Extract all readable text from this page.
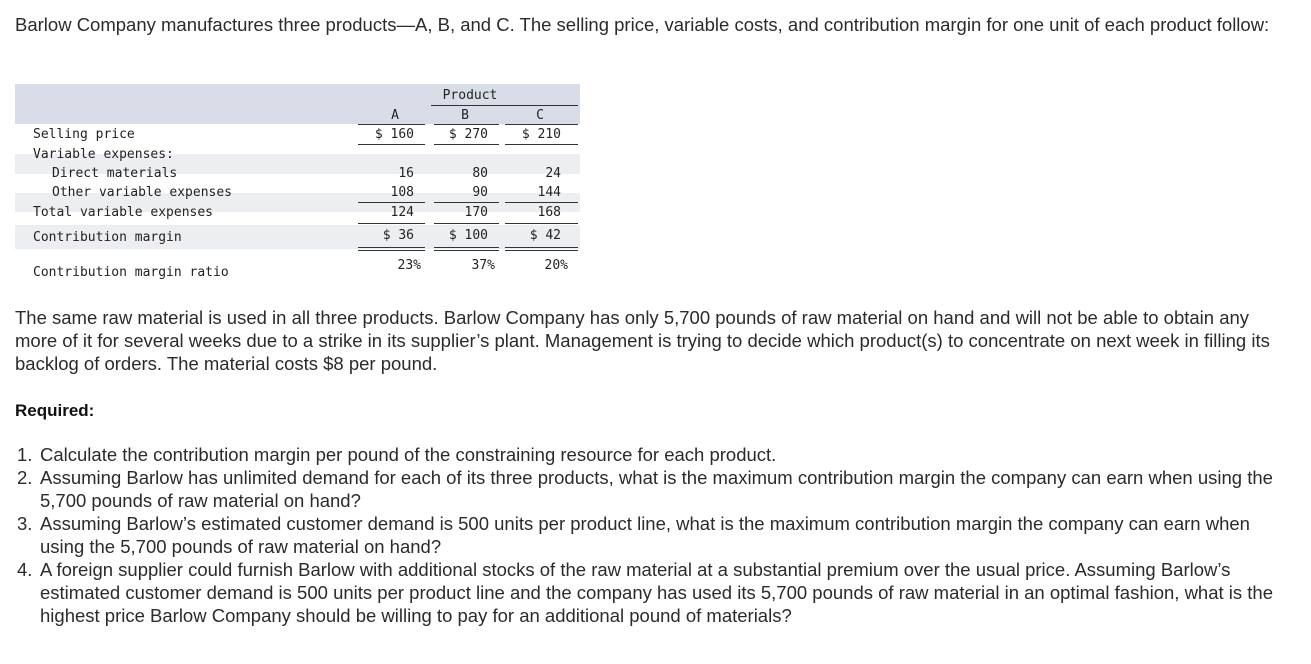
Barlow Company manufactures three products—A, B, and C. The selling price, variable costs, and contribution margin for one unit of each product follow:
Product
A	B	C
Selling price	$ 160	$ 270	$ 210
Variable expenses:
Direct materials	16	80	24
Other variable expenses	108	90	144
Total variable expenses	124	170	168
Contribution margin	$ 36	$ 100	$ 42
Contribution margin ratio	23%	37%	20%
The same raw material is used in all three products. Barlow Company has only 5,700 pounds of raw material on hand and will not be able to obtain any more of it for several weeks due to a strike in its supplier’s plant. Management is trying to decide which product(s) to concentrate on next week in filling its backlog of orders. The material costs $8 per pound.
Required:
1. Calculate the contribution margin per pound of the constraining resource for each product.
2. Assuming Barlow has unlimited demand for each of its three products, what is the maximum contribution margin the company can earn when using the 5,700 pounds of raw material on hand?
3. Assuming Barlow’s estimated customer demand is 500 units per product line, what is the maximum contribution margin the company can earn when using the 5,700 pounds of raw material on hand?
4. A foreign supplier could furnish Barlow with additional stocks of the raw material at a substantial premium over the usual price. Assuming Barlow’s estimated customer demand is 500 units per product line and the company has used its 5,700 pounds of raw material in an optimal fashion, what is the highest price Barlow Company should be willing to pay for an additional pound of materials?
